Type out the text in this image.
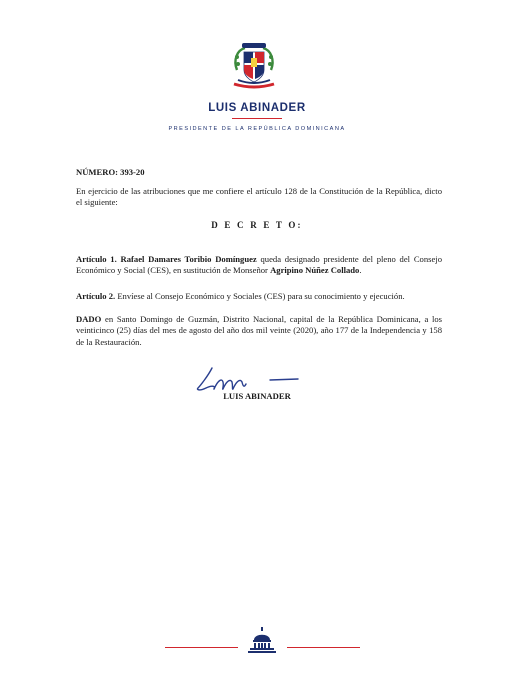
LUIS ABINADER
PRESIDENTE DE LA REPÚBLICA DOMINICANA
NÚMERO: 393-20
En ejercicio de las atribuciones que me confiere el artículo 128 de la Constitución de la República, dicto el siguiente:
D E C R E T O:
Artículo 1. Rafael Damares Toribio Domínguez queda designado presidente del pleno del Consejo Económico y Social (CES), en sustitución de Monseñor Agripino Núñez Collado.
Artículo 2. Envíese al Consejo Económico y Sociales (CES) para su conocimiento y ejecución.
DADO en Santo Domingo de Guzmán, Distrito Nacional, capital de la República Dominicana, a los veinticinco (25) días del mes de agosto del año dos mil veinte (2020), año 177 de la Independencia y 158 de la Restauración.
LUIS ABINADER
